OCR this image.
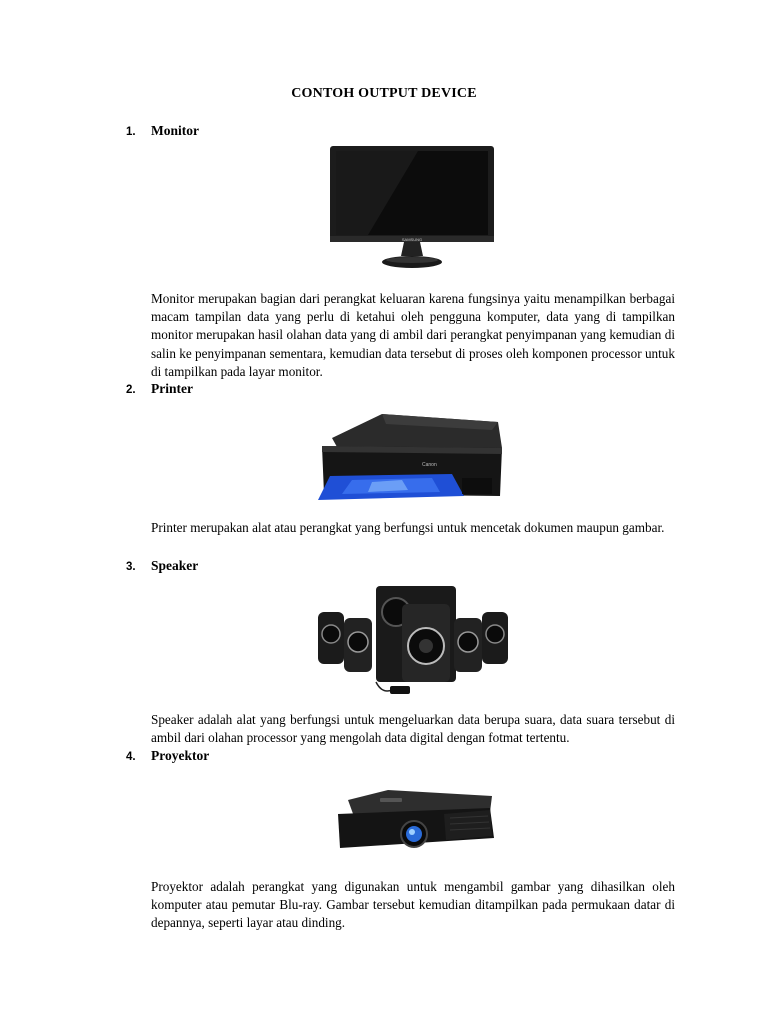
CONTOH OUTPUT DEVICE
1.	Monitor
SAMSUNG
Monitor merupakan bagian dari perangkat keluaran karena fungsinya yaitu menampilkan berbagai macam tampilan data yang perlu di ketahui oleh pengguna komputer, data yang di tampilkan monitor merupakan hasil olahan data yang di ambil dari perangkat penyimpanan yang kemudian di salin ke penyimpanan sementara, kemudian data tersebut di proses oleh komponen processor untuk di tampilkan pada layar monitor.
2.	Printer
Canon
Printer merupakan alat atau perangkat yang berfungsi untuk mencetak dokumen maupun gambar.
3.	Speaker
Speaker adalah alat yang berfungsi untuk mengeluarkan data berupa suara, data suara tersebut di ambil dari olahan processor yang mengolah data digital dengan fotmat tertentu.
4.	Proyektor
Proyektor adalah perangkat yang digunakan untuk mengambil gambar yang dihasilkan oleh komputer atau pemutar Blu-ray. Gambar tersebut kemudian ditampilkan pada permukaan datar di depannya, seperti layar atau dinding.
